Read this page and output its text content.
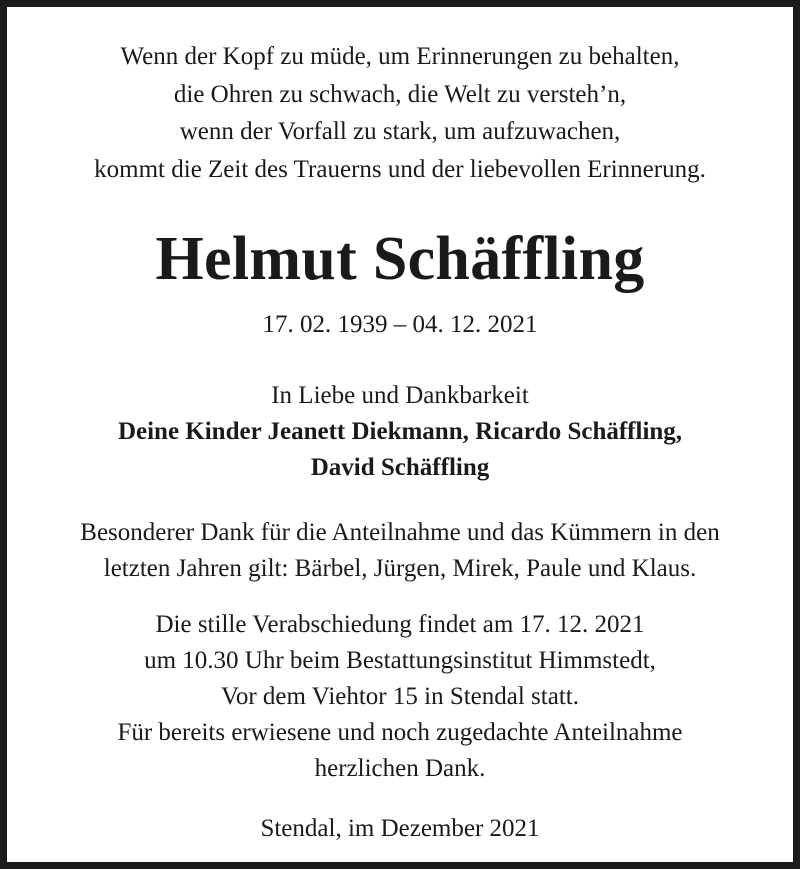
Wenn der Kopf zu müde, um Erinnerungen zu behalten,
die Ohren zu schwach, die Welt zu versteh’n,
wenn der Vorfall zu stark, um aufzuwachen,
kommt die Zeit des Trauerns und der liebevollen Erinnerung.
Helmut Schäffling
17. 02. 1939 – 04. 12. 2021
In Liebe und Dankbarkeit
Deine Kinder Jeanett Diekmann, Ricardo Schäffling,
David Schäffling
Besonderer Dank für die Anteilnahme und das Kümmern in den
letzten Jahren gilt: Bärbel, Jürgen, Mirek, Paule und Klaus.
Die stille Verabschiedung findet am 17. 12. 2021
um 10.30 Uhr beim Bestattungsinstitut Himmstedt,
Vor dem Viehtor 15 in Stendal statt.
Für bereits erwiesene und noch zugedachte Anteilnahme
herzlichen Dank.
Stendal, im Dezember 2021
